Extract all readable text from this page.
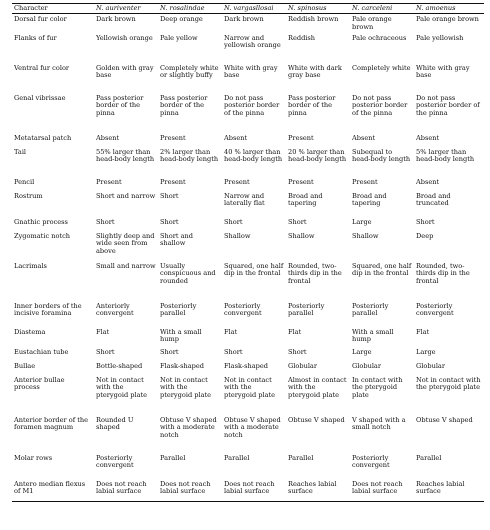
Character	N. auriventer	N. rosalindae	N. vargasllosai	N. spinosus	N. carceleni	N. amoenus
Dorsal fur color	Dark brown	Deep orange	Dark brown	Reddish brown	Pale orange brown	Pale orange brown
Flanks of fur	Yellowish orange	Pale yellow	Narrow and yellowish orange	Reddish	Pale ochraceous	Pale yellowish
Ventral fur color	Golden with gray base	Completely white or slightly buffy	White with gray base	White with dark gray base	Completely white	White with gray base
Genal vibrissae	Pass posterior border of the pinna	Pass posterior border of the pinna	Do not pass posterior border of the pinna	Pass posterior border of the pinna	Do not pass posterior border of the pinna	Do not pass posterior border of the pinna
Metatarsal patch	Absent	Present	Absent	Present	Absent	Absent
Tail	55% larger than head-body length	2% larger than head-body length	40 % larger than head-body length	20 % larger than head-body length	Subequal to head-body length	5% larger than head-body length
Pencil	Present	Present	Present	Present	Present	Absent
Rostrum	Short and narrow	Short	Narrow and laterally flat	Broad and tapering	Broad and tapering	Broad and truncated
Gnathic process	Short	Short	Short	Short	Large	Short
Zygomatic notch	Slightly deep and wide seen from above	Short and shallow	Shallow	Shallow	Shallow	Deep
Lacrimals	Small and narrow	Usually conspicuous and rounded	Squared, one half dip in the frontal	Rounded, two-thirds dip in the frontal	Squared, one half dip in the frontal	Rounded, two-thirds dip in the frontal
Inner borders of the incisive foramina	Anteriorly convergent	Posteriorly parallel	Posteriorly convergent	Posteriorly parallel	Posteriorly parallel	Posteriorly convergent
Diastema	Flat	With a small hump	Flat	Flat	With a small hump	Flat
Eustachian tube	Short	Short	Short	Short	Large	Large
Bullae	Bottle-shaped	Flask-shaped	Flask-shaped	Globular	Globular	Globular
Anterior bullae process	Not in contact with the pterygoid plate	Not in contact with the pterygoid plate	Not in contact with the pterygoid plate	Almost in contact with the pterygoid plate	In contact with the pterygoid plate	Not in contact with the pterygoid plate
Anterior border of the foramen magnum	Rounded U shaped	Obtuse V shaped with a moderate notch	Obtuse V shaped with a moderate notch	Obtuse V shaped	V shaped with a small notch	Obtuse V shaped
Molar rows	Posteriorly convergent	Parallel	Parallel	Parallel	Posteriorly convergent	Parallel
Antero median flexus of M1	Does not reach labial surface	Does not reach labial surface	Does not reach labial surface	Reaches labial surface	Does not reach labial surface	Reaches labial surface
